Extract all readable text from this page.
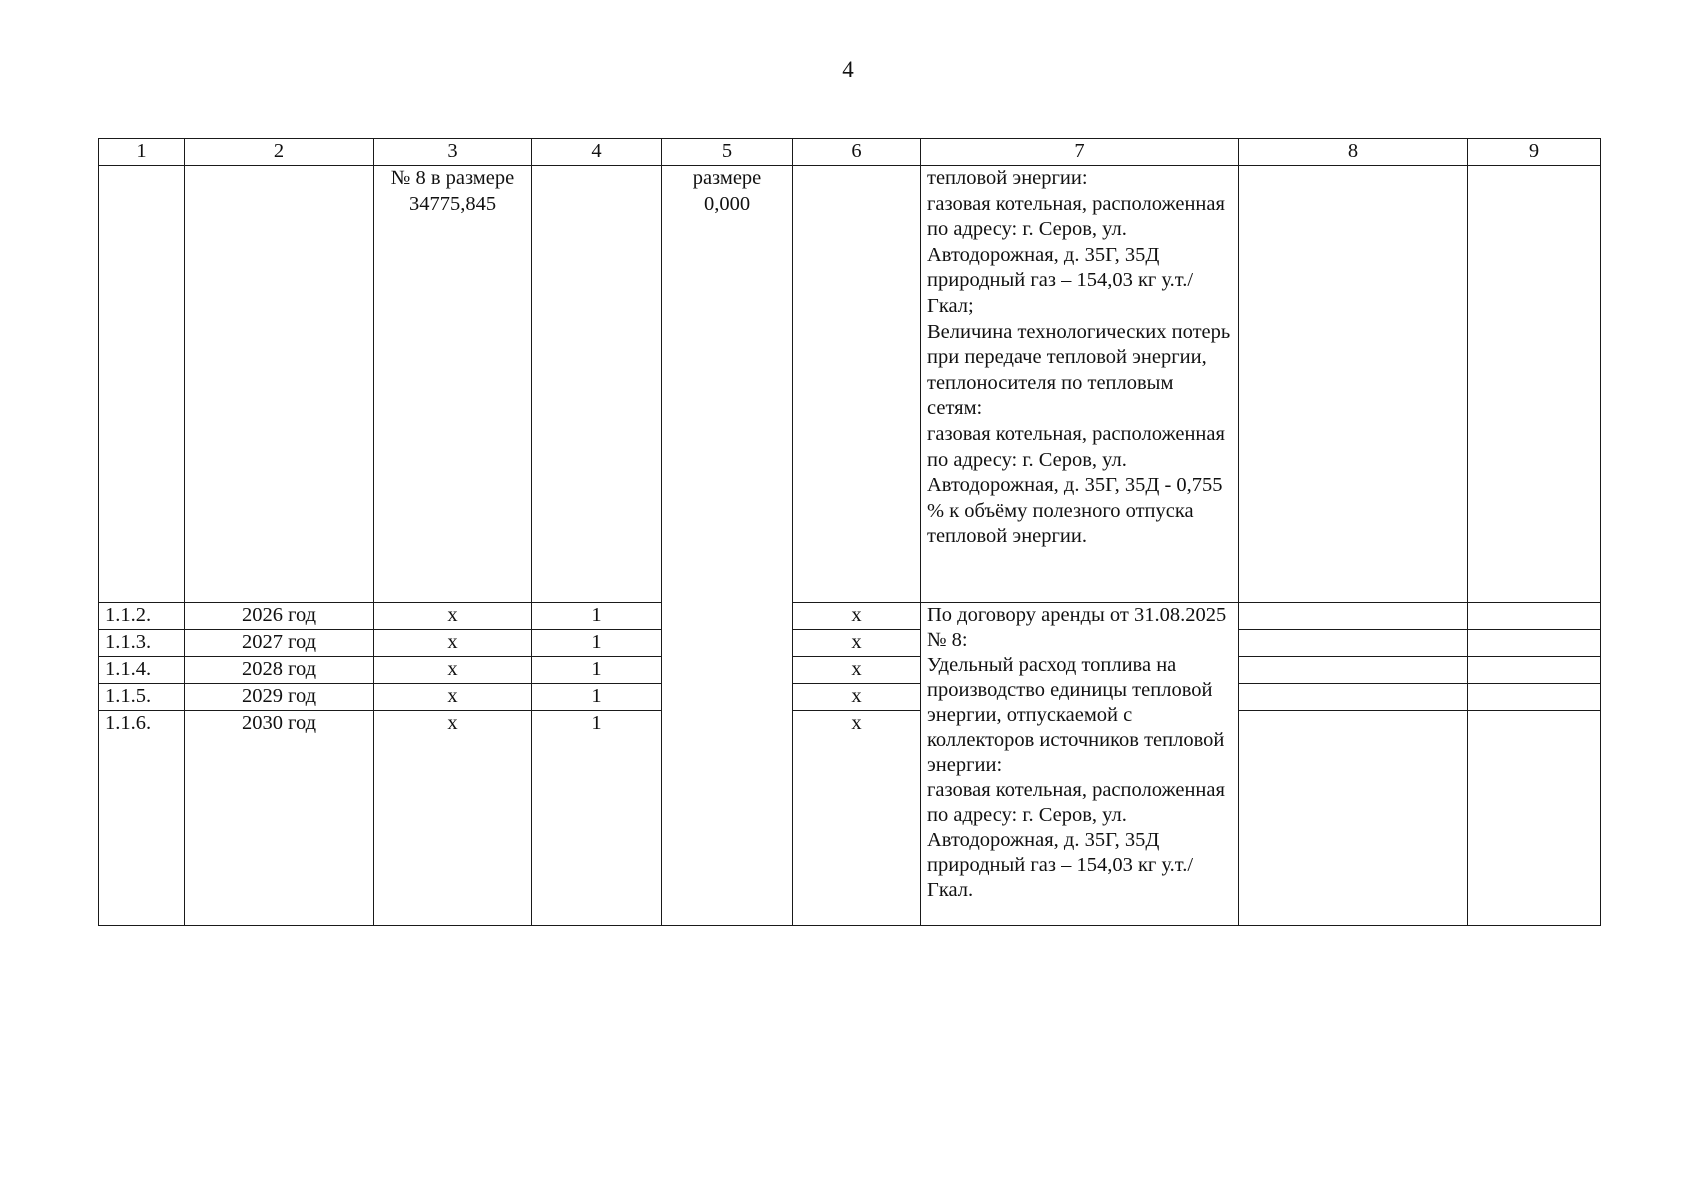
4
1	2	3	4	5	6	7	8	9
		№ 8 в размере 34775,845		размере 0,000		тепловой энергии:
газовая котельная, расположенная по адресу: г. Серов, ул. Автодорожная, д. 35Г, 35Д
природный газ – 154,03 кг у.т./Гкал;
Величина технологических потерь при передаче тепловой энергии, теплоносителя по тепловым сетям:
газовая котельная, расположенная по адресу: г. Серов, ул. Автодорожная, д. 35Г, 35Д - 0,755 % к объёму полезного отпуска тепловой энергии.		
1.1.2.	2026 год	х	1		х	По договору аренды от 31.08.2025 № 8:
Удельный расход топлива на производство единицы тепловой энергии, отпускаемой с коллекторов источников тепловой энергии:
газовая котельная, расположенная по адресу: г. Серов, ул. Автодорожная, д. 35Г, 35Д
природный газ – 154,03 кг у.т./Гкал.		
1.1.3.	2027 год	х	1		х			
1.1.4.	2028 год	х	1		х			
1.1.5.	2029 год	х	1		х			
1.1.6.	2030 год	х	1		х			
